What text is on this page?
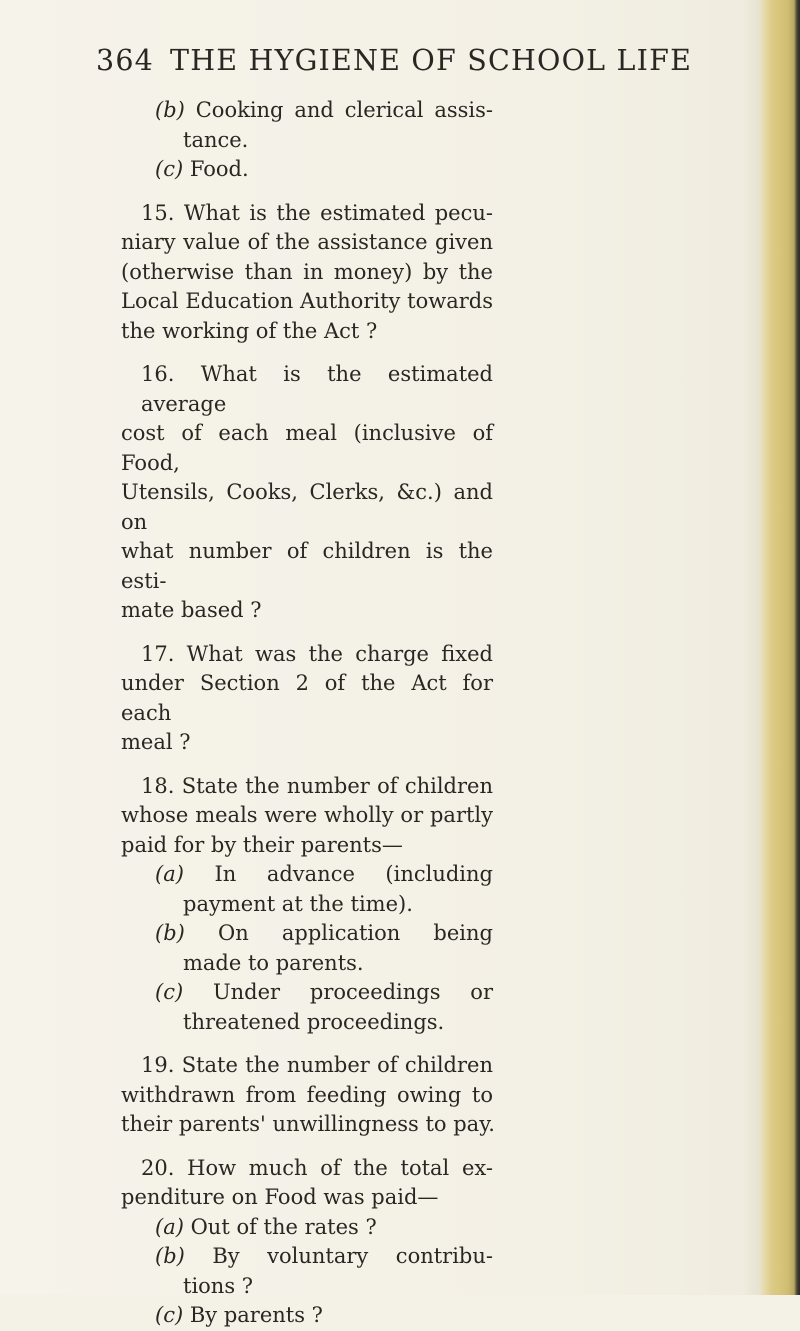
364 THE HYGIENE OF SCHOOL LIFE
(b) Cooking and clerical assis-
tance.
(c) Food.
15. What is the estimated pecu-
niary value of the assistance given
(otherwise than in money) by the
Local Education Authority towards
the working of the Act ?
16. What is the estimated average
cost of each meal (inclusive of Food,
Utensils, Cooks, Clerks, &c.) and on
what number of children is the esti-
mate based ?
17. What was the charge fixed
under Section 2 of the Act for each
meal ?
18. State the number of children
whose meals were wholly or partly
paid for by their parents—
(a) In advance (including
payment at the time).
(b) On application being
made to parents.
(c) Under proceedings or
threatened proceedings.
19. State the number of children
withdrawn from feeding owing to
their parents' unwillingness to pay.
20. How much of the total ex-
penditure on Food was paid—
(a) Out of the rates ?
(b) By voluntary contribu-
tions ?
(c) By parents ?
